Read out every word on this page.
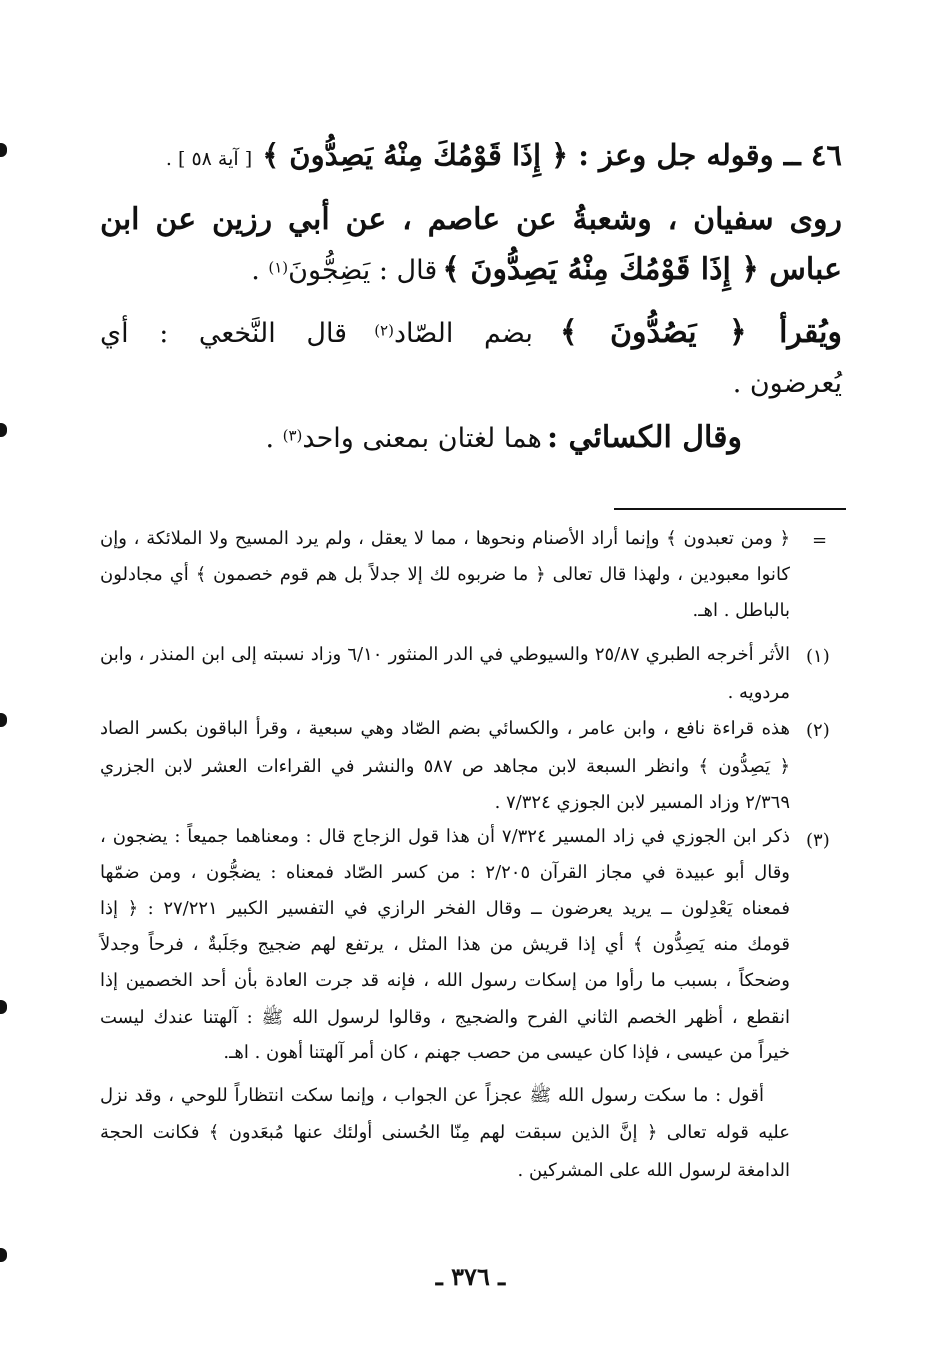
٤٦ ــ وقوله جل وعز : ﴿ إِذَا قَوْمُكَ مِنْهُ يَصِدُّونَ ﴾ [ آية ٥٨ ] .
روى سفيان ، وشعبةُ عن عاصم ، عن أبي رزين عن ابن
عباس ﴿ إِذَا قَوْمُكَ مِنْهُ يَصِدُّونَ ﴾ قال : يَضِجُّونَ(١) .
ويُقرأ ﴿ يَصُدُّونَ ﴾ بضم الصّاد(٢) قال النَّخعي : أي
يُعرضون .
وقال الكسائي : هما لغتان بمعنى واحد(٣) .
=
﴿ ومن تعبدون ﴾ وإنما أراد الأصنام ونحوها ، مما لا يعقل ، ولم يرد المسيح ولا الملائكة ، وإن
كانوا معبودين ، ولهذا قال تعالى ﴿ ما ضربوه لك إلا جدلاً بل هم قوم خصمون ﴾ أي مجادلون
بالباطل . اهـ.
(١)
الأثر أخرجه الطبري ٢٥/٨٧ والسيوطي في الدر المنثور ٦/١٠ وزاد نسبته إلى ابن المنذر ، وابن
مردويه .
(٢)
هذه قراءة نافع ، وابن عامر ، والكسائي بضم الصّاد وهي سبعية ، وقرأ الباقون بكسر الصاد
﴿ يَصِدُّون ﴾ وانظر السبعة لابن مجاهد ص ٥٨٧ والنشر في القراءات العشر لابن الجزري
٢/٣٦٩ وزاد المسير لابن الجوزي ٧/٣٢٤ .
(٣)
ذكر ابن الجوزي في زاد المسير ٧/٣٢٤ أن هذا قول الزجاج قال : ومعناهما جميعاً : يضجون ،
وقال أبو عبيدة في مجاز القرآن ٢/٢٠٥ : من كسر الصّاد فمعناه : يضجُّون ، ومن ضمّها
فمعناه يَعْدِلون ــ يريد يعرضون ــ وقال الفخر الرازي في التفسير الكبير ٢٧/٢٢١ : ﴿ إذا
قومك منه يَصِدُّون ﴾ أي إذا قريش من هذا المثل ، يرتفع لهم ضجيج وجَلَبةٌ ، فرحاً وجدلاً
وضحكاً ، بسبب ما رأوا من إسكات رسول الله ، فإنه قد جرت العادة بأن أحد الخصمين إذا
انقطع ، أظهر الخصم الثاني الفرح والضجيج ، وقالوا لرسول الله ﷺ : آلهتنا عندك ليست
خيراً من عيسى ، فإذا كان عيسى من حصب جهنم ، كان أمر آلهتنا أهون . اهـ.
أقول : ما سكت رسول الله ﷺ عجزاً عن الجواب ، وإنما سكت انتظاراً للوحي ، وقد نزل
عليه قوله تعالى ﴿ إنَّ الذين سبقت لهم مِنّا الحُسنى أولئك عنها مُبعَدون ﴾ فكانت الحجة
الدامغة لرسول الله على المشركين .
ـ ٣٧٦ ـ
